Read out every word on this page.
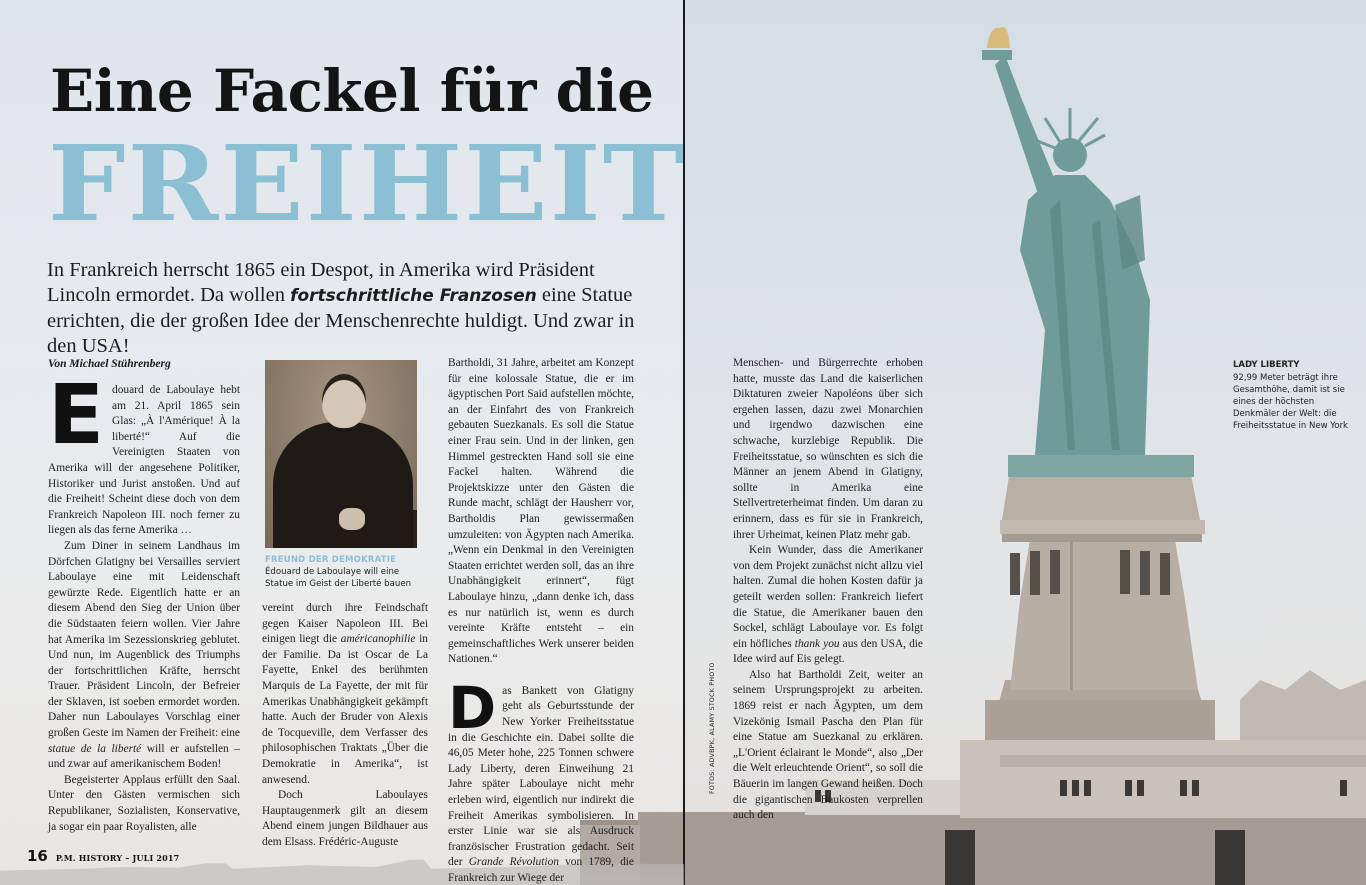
Eine Fackel für die
FREIHEIT

In Frankreich herrscht 1865 ein Despot, in Amerika wird Präsident Lincoln ermordet. Da wollen fortschrittliche Franzosen eine Statue errichten, die der großen Idee der Menschenrechte huldigt. Und zwar in den USA!

Von Michael Stührenberg

Edouard de Laboulaye hebt am 21. April 1865 sein Glas: „À l'Amérique! À la liberté!“ Auf die Vereinigten Staaten von Amerika will der angesehene Politiker, Historiker und Jurist anstoßen. Und auf die Freiheit! Scheint diese doch von dem Frankreich Napoleon III. noch ferner zu liegen als das ferne Amerika …

Zum Diner in seinem Landhaus im Dörfchen Glatigny bei Versailles serviert Laboulaye eine mit Leidenschaft gewürzte Rede. Eigentlich hatte er an diesem Abend den Sieg der Union über die Südstaaten feiern wollen. Vier Jahre hat Amerika im Sezessionskrieg geblutet. Und nun, im Augenblick des Triumphs der fortschrittlichen Kräfte, herrscht Trauer. Präsident Lincoln, der Befreier der Sklaven, ist soeben ermordet worden. Daher nun Laboulayes Vorschlag einer großen Geste im Namen der Freiheit: eine statue de la liberté will er aufstellen – und zwar auf amerikanischem Boden!

Begeisterter Applaus erfüllt den Saal. Unter den Gästen vermischen sich Republikaner, Sozialisten, Konservative, ja sogar ein paar Royalisten, alle

FREUND DER DEMOKRATIE
Édouard de Laboulaye will eine Statue im Geist der Liberté bauen

vereint durch ihre Feindschaft gegen Kaiser Napoleon III. Bei einigen liegt die américanophilie in der Familie. Da ist Oscar de La Fayette, Enkel des berühmten Marquis de La Fayette, der mit für Amerikas Unabhängigkeit gekämpft hatte. Auch der Bruder von Alexis de Tocqueville, dem Verfasser des philosophischen Traktats „Über die Demokratie in Amerika“, ist anwesend.

Doch Laboulayes Hauptaugenmerk gilt an diesem Abend einem jungen Bildhauer aus dem Elsass. Frédéric-Auguste

Bartholdi, 31 Jahre, arbeitet am Konzept für eine kolossale Statue, die er im ägyptischen Port Said aufstellen möchte, an der Einfahrt des von Frankreich gebauten Suezkanals. Es soll die Statue einer Frau sein. Und in der linken, gen Himmel gestreckten Hand soll sie eine Fackel halten. Während die Projektskizze unter den Gästen die Runde macht, schlägt der Hausherr vor, Bartholdis Plan gewissermaßen umzuleiten: von Ägypten nach Amerika. „Wenn ein Denkmal in den Vereinigten Staaten errichtet werden soll, das an ihre Unabhängigkeit erinnert“, fügt Laboulaye hinzu, „dann denke ich, dass es nur natürlich ist, wenn es durch vereinte Kräfte entsteht – ein gemeinschaftliches Werk unserer beiden Nationen.“

Das Bankett von Glatigny geht als Geburtsstunde der New Yorker Freiheitsstatue in die Geschichte ein. Dabei sollte die 46,05 Meter hohe, 225 Tonnen schwere Lady Liberty, deren Einweihung 21 Jahre später Laboulaye nicht mehr erleben wird, eigentlich nur indirekt die Freiheit Amerikas symbolisieren. In erster Linie war sie als Ausdruck französischer Frustration gedacht. Seit der Grande Révolution von 1789, die Frankreich zur Wiege der

Menschen- und Bürgerrechte erhoben hatte, musste das Land die kaiserlichen Diktaturen zweier Napoléons über sich ergehen lassen, dazu zwei Monarchien und irgendwo dazwischen eine schwache, kurzlebige Republik. Die Freiheitsstatue, so wünschten es sich die Männer an jenem Abend in Glatigny, sollte in Amerika eine Stellvertreterheimat finden. Um daran zu erinnern, dass es für sie in Frankreich, ihrer Urheimat, keinen Platz mehr gab.

Kein Wunder, dass die Amerikaner von dem Projekt zunächst nicht allzu viel halten. Zumal die hohen Kosten dafür ja geteilt werden sollen: Frankreich liefert die Statue, die Amerikaner bauen den Sockel, schlägt Laboulaye vor. Es folgt ein höfliches thank you aus den USA, die Idee wird auf Eis gelegt.

Also hat Bartholdi Zeit, weiter an seinem Ursprungsprojekt zu arbeiten. 1869 reist er nach Ägypten, um dem Vizekönig Ismail Pascha den Plan für eine Statue am Suezkanal zu erklären. „L'Orient éclairant le Monde“, also „Der die Welt erleuchtende Orient“, so soll die Bäuerin im langen Gewand heißen. Doch die gigantischen Baukosten verprellen auch den

LADY LIBERTY
92,99 Meter beträgt ihre Gesamthöhe, damit ist sie eines der höchsten Denkmäler der Welt: die Freiheitsstatue in New York
FOTOS: ADVBPK, ALAMY STOCK PHOTO
16 P.M. HISTORY – JULI 2017
